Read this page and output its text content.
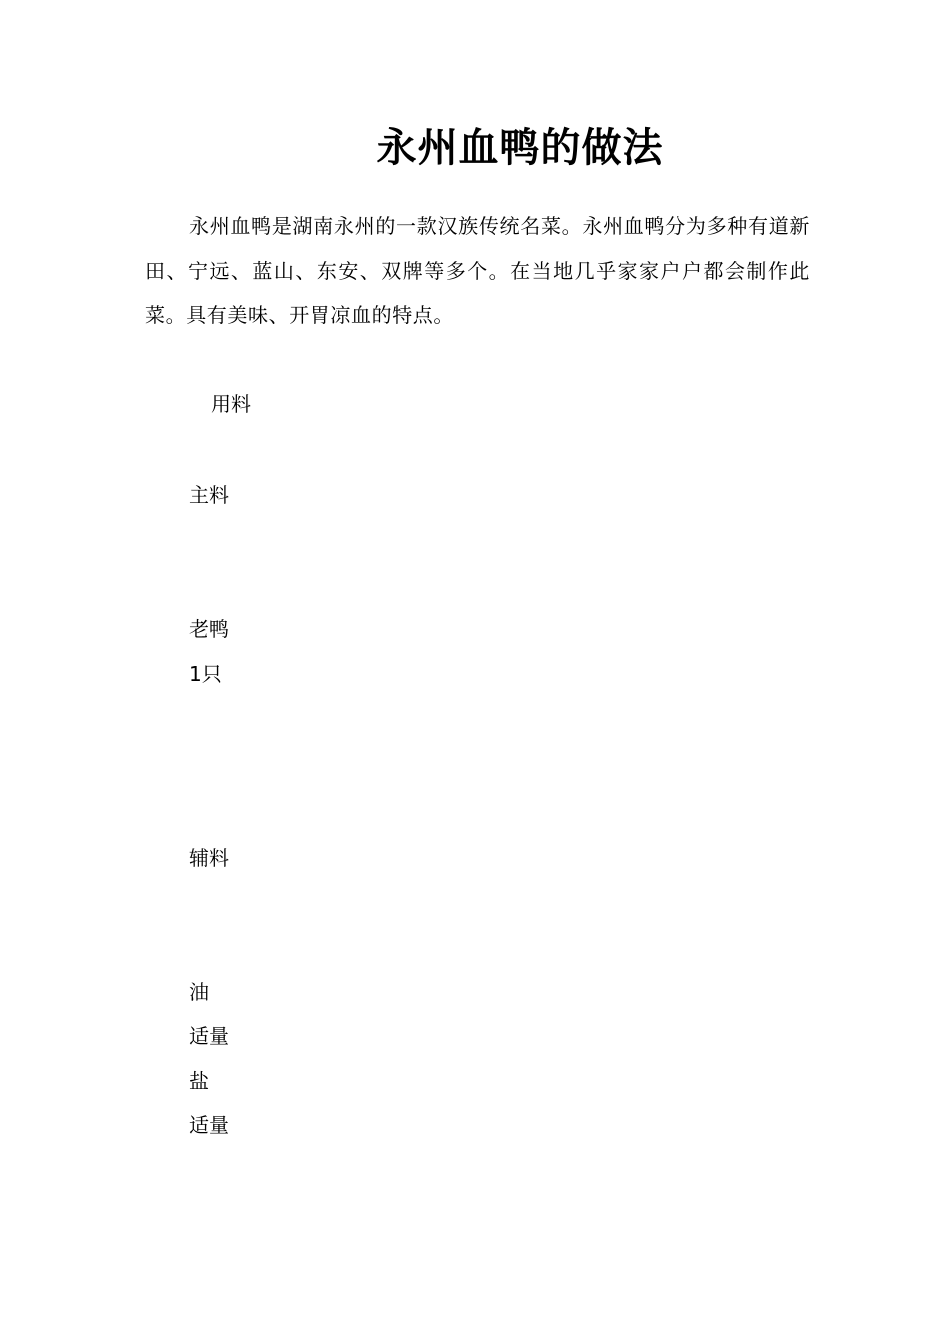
永州血鸭的做法

永州血鸭是湖南永州的一款汉族传统名菜。永州血鸭分为多种有道新田、宁远、蓝山、东安、双牌等多个。在当地几乎家家户户都会制作此菜。具有美味、开胃凉血的特点。

用料
主料
老鸭
1只
辅料
油
适量
盐
适量
